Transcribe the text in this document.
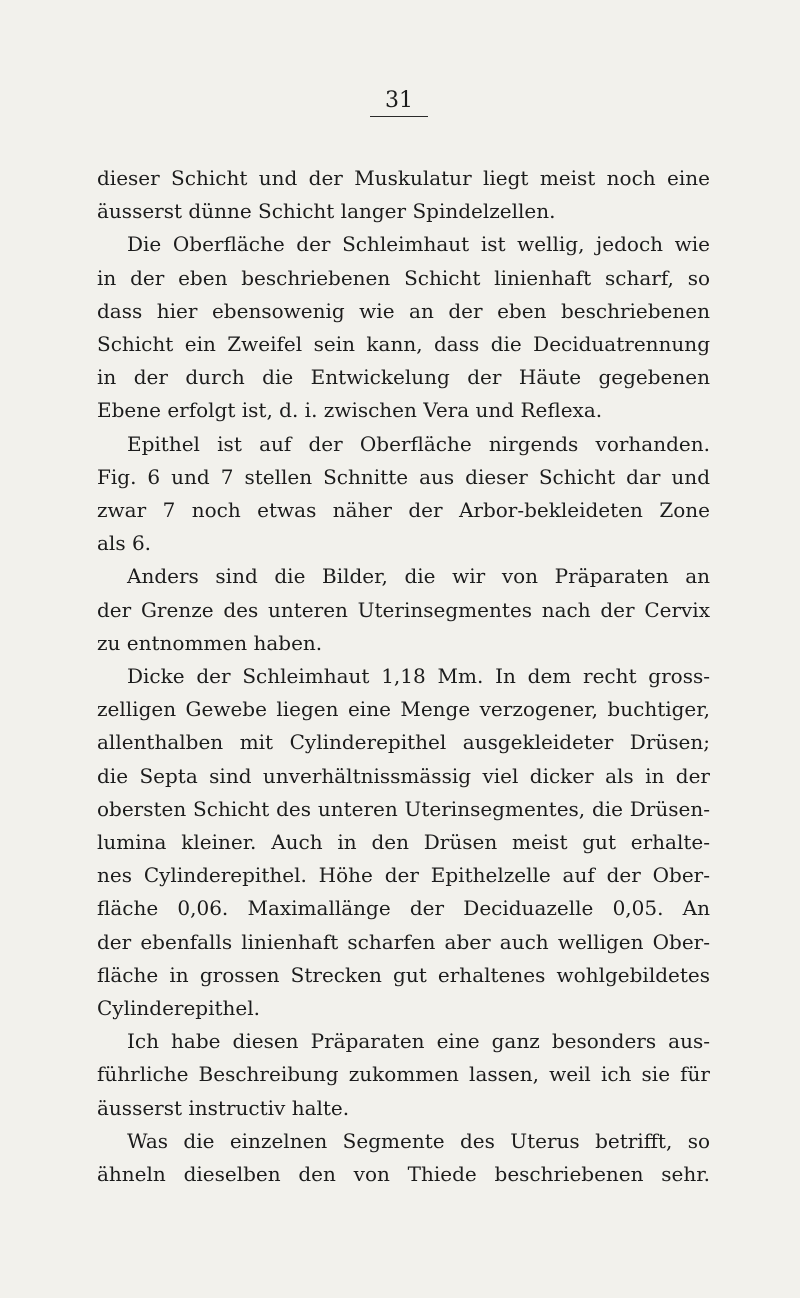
31
dieser Schicht und der Muskulatur liegt meist noch eine
äusserst dünne Schicht langer Spindelzellen.
Die Oberfläche der Schleimhaut ist wellig, jedoch wie
in der eben beschriebenen Schicht linienhaft scharf, so
dass hier ebensowenig wie an der eben beschriebenen
Schicht ein Zweifel sein kann, dass die Deciduatrennung
in der durch die Entwickelung der Häute gegebenen
Ebene erfolgt ist, d. i. zwischen Vera und Reflexa.
Epithel ist auf der Oberfläche nirgends vorhanden.
Fig. 6 und 7 stellen Schnitte aus dieser Schicht dar und
zwar 7 noch etwas näher der Arbor-bekleideten Zone
als 6.
Anders sind die Bilder, die wir von Präparaten an
der Grenze des unteren Uterinsegmentes nach der Cervix
zu entnommen haben.
Dicke der Schleimhaut 1,18 Mm. In dem recht gross-
zelligen Gewebe liegen eine Menge verzogener, buchtiger,
allenthalben mit Cylinderepithel ausgekleideter Drüsen;
die Septa sind unverhältnissmässig viel dicker als in der
obersten Schicht des unteren Uterinsegmentes, die Drüsen-
lumina kleiner. Auch in den Drüsen meist gut erhalte-
nes Cylinderepithel. Höhe der Epithelzelle auf der Ober-
fläche 0,06. Maximallänge der Deciduazelle 0,05. An
der ebenfalls linienhaft scharfen aber auch welligen Ober-
fläche in grossen Strecken gut erhaltenes wohlgebildetes
Cylinderepithel.
Ich habe diesen Präparaten eine ganz besonders aus-
führliche Beschreibung zukommen lassen, weil ich sie für
äusserst instructiv halte.
Was die einzelnen Segmente des Uterus betrifft, so
ähneln dieselben den von Thiede beschriebenen sehr.
